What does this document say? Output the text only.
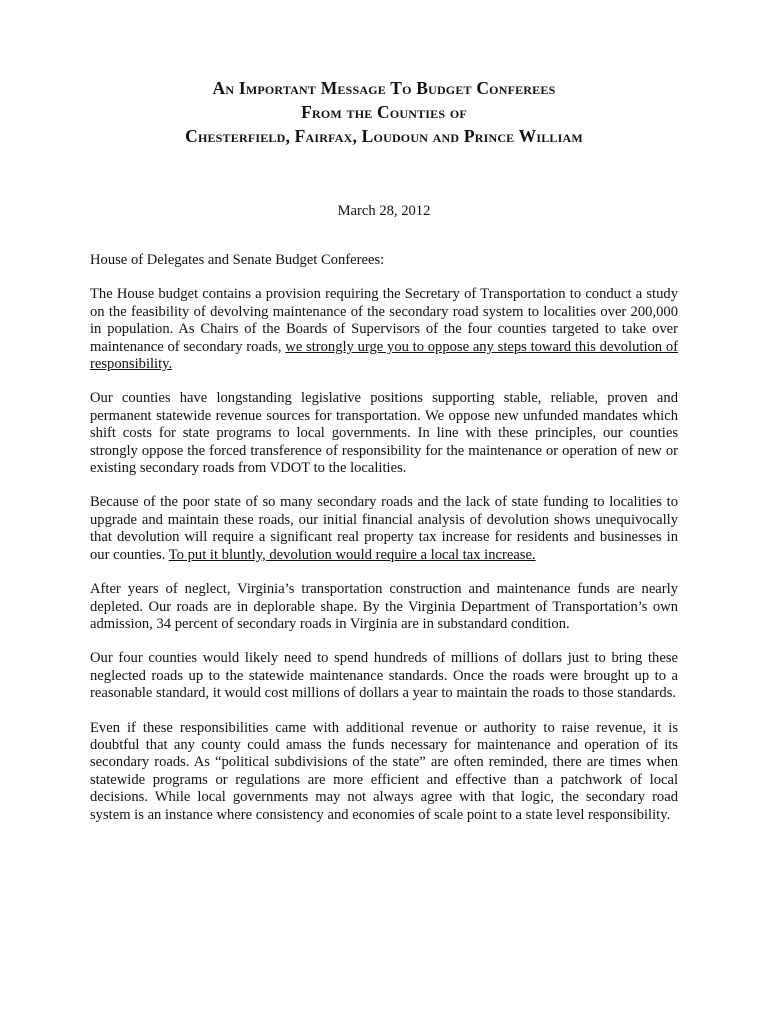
An Important Message To Budget Conferees
From the Counties of
Chesterfield, Fairfax, Loudoun and Prince William

March 28, 2012

House of Delegates and Senate Budget Conferees:

The House budget contains a provision requiring the Secretary of Transportation to conduct a study on the feasibility of devolving maintenance of the secondary road system to localities over 200,000 in population. As Chairs of the Boards of Supervisors of the four counties targeted to take over maintenance of secondary roads, we strongly urge you to oppose any steps toward this devolution of responsibility.

Our counties have longstanding legislative positions supporting stable, reliable, proven and permanent statewide revenue sources for transportation. We oppose new unfunded mandates which shift costs for state programs to local governments. In line with these principles, our counties strongly oppose the forced transference of responsibility for the maintenance or operation of new or existing secondary roads from VDOT to the localities.

Because of the poor state of so many secondary roads and the lack of state funding to localities to upgrade and maintain these roads, our initial financial analysis of devolution shows unequivocally that devolution will require a significant real property tax increase for residents and businesses in our counties. To put it bluntly, devolution would require a local tax increase.

After years of neglect, Virginia’s transportation construction and maintenance funds are nearly depleted. Our roads are in deplorable shape. By the Virginia Department of Transportation’s own admission, 34 percent of secondary roads in Virginia are in substandard condition.

Our four counties would likely need to spend hundreds of millions of dollars just to bring these neglected roads up to the statewide maintenance standards. Once the roads were brought up to a reasonable standard, it would cost millions of dollars a year to maintain the roads to those standards.

Even if these responsibilities came with additional revenue or authority to raise revenue, it is doubtful that any county could amass the funds necessary for maintenance and operation of its secondary roads. As “political subdivisions of the state” are often reminded, there are times when statewide programs or regulations are more efficient and effective than a patchwork of local decisions. While local governments may not always agree with that logic, the secondary road system is an instance where consistency and economies of scale point to a state level responsibility.
